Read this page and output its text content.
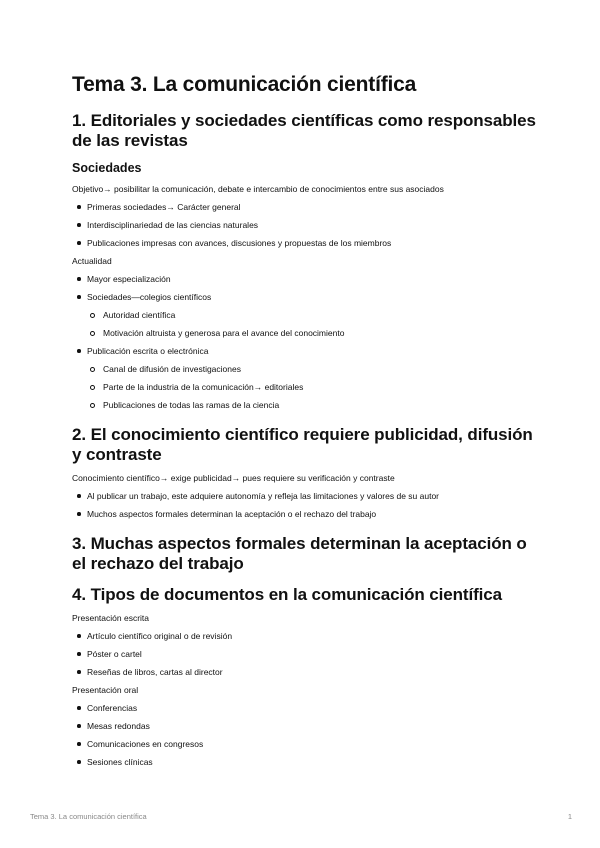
Tema 3. La comunicación científica
1. Editoriales y sociedades científicas como responsables de las revistas
Sociedades

Objetivo→ posibilitar la comunicación, debate e intercambio de conocimientos entre sus asociados

Primeras sociedades→ Carácter general
Interdisciplinariedad de las ciencias naturales
Publicaciones impresas con avances, discusiones y propuestas de los miembros

Actualidad

Mayor especialización
Sociedades—colegios científicos
Autoridad científica
Motivación altruista y generosa para el avance del conocimiento
Publicación escrita o electrónica
Canal de difusión de investigaciones
Parte de la industria de la comunicación→ editoriales
Publicaciones de todas las ramas de la ciencia
2. El conocimiento científico requiere publicidad, difusión y contraste

Conocimiento científico→ exige publicidad→ pues requiere su verificación y contraste

Al publicar un trabajo, este adquiere autonomía y refleja las limitaciones y valores de su autor
Muchos aspectos formales determinan la aceptación o el rechazo del trabajo
3. Muchas aspectos formales determinan la aceptación o el rechazo del trabajo
4. Tipos de documentos en la comunicación científica

Presentación escrita

Artículo científico original o de revisión
Póster o cartel
Reseñas de libros, cartas al director

Presentación oral

Conferencias
Mesas redondas
Comunicaciones en congresos
Sesiones clínicas
Tema 3. La comunicación científica	1
